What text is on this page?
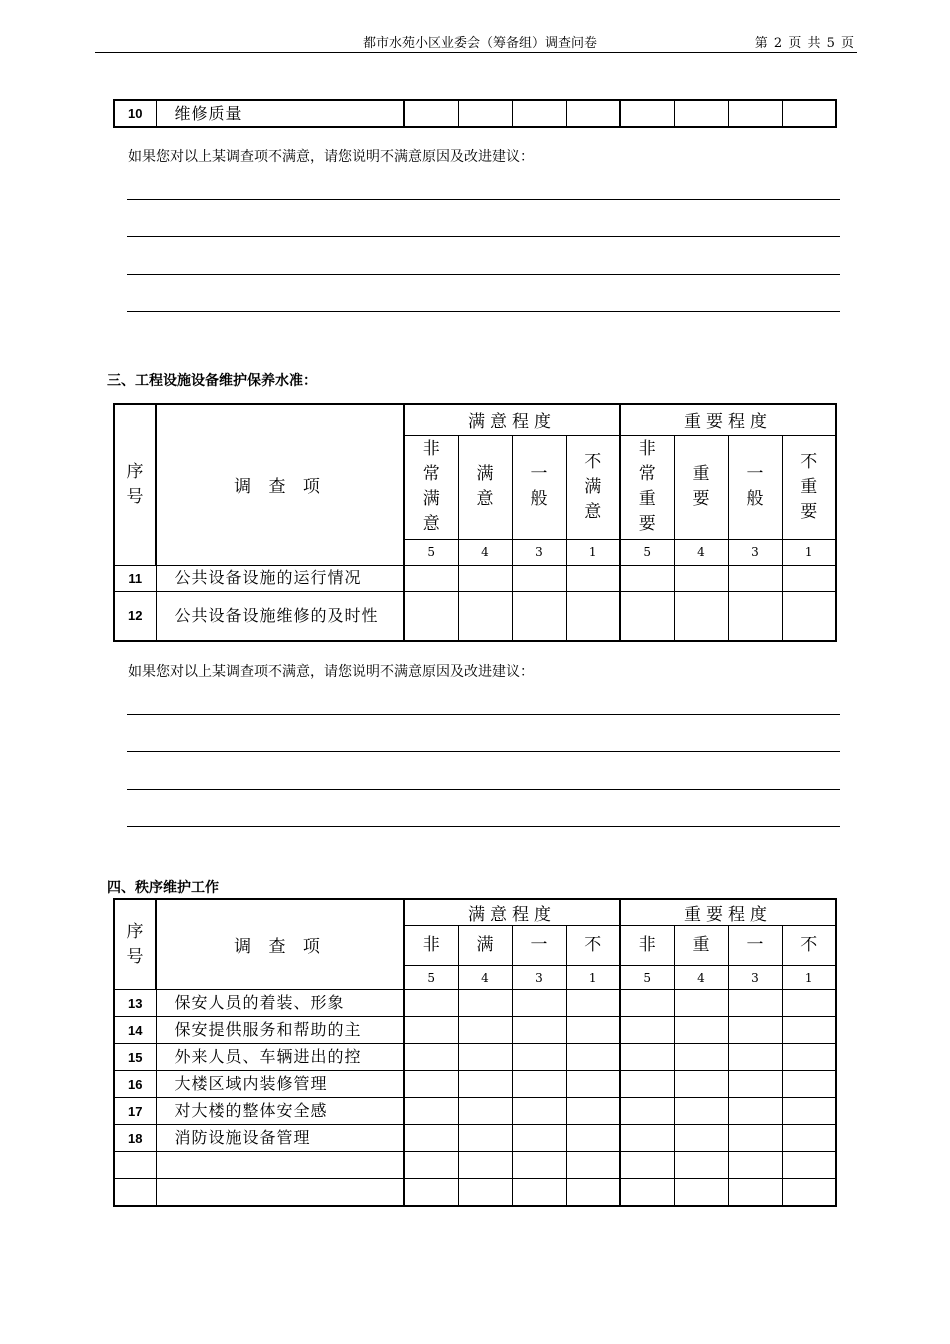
都市水苑小区业委会（筹备组）调查问卷	第 2 页 共 5 页
10	维修质量								
如果您对以上某调查项不满意，请您说明不满意原因及改进建议：
三、工程设施设备维护保养水准：
序号	调 查 项	满意程度				重要程度			
		非常满意	满意	一般	不满意	非常重要	重要	一般	不重要
		5	4	3	1	5	4	3	1
11	公共设备设施的运行情况								
12	公共设备设施维修的及时性								
如果您对以上某调查项不满意，请您说明不满意原因及改进建议：
四、秩序维护工作
序号	调 查 项	满意程度				重要程度			
		非	满	一	不	非	重	一	不
		5	4	3	1	5	4	3	1
13	保安人员的着装、形象								
14	保安提供服务和帮助的主								
15	外来人员、车辆进出的控								
16	大楼区域内装修管理								
17	对大楼的整体安全感								
18	消防设施设备管理								
